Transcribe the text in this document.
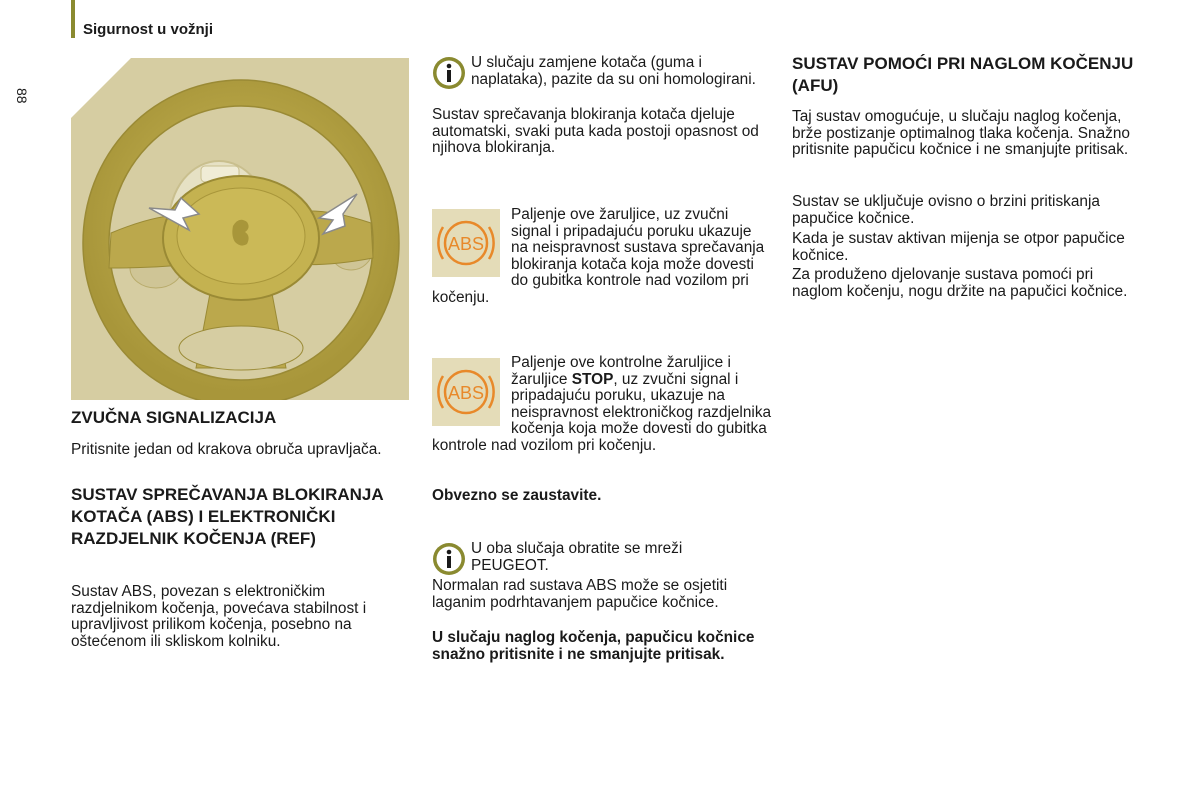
Sigurnost u vožnji
88
ZVUČNA SIGNALIZACIJA
Pritisnite jedan od krakova obruča upravljača.
SUSTAV SPREČAVANJA BLOKIRANJA KOTAČA (ABS) I ELEKTRONIČKI RAZDJELNIK KOČENJA (REF)
Sustav ABS, povezan s elektroničkim razdjelnikom kočenja, povećava stabilnost i upravljivost prilikom kočenja, posebno na oštećenom ili skliskom kolniku.
U slučaju zamjene kotača (guma i naplataka), pazite da su oni homologirani.
Sustav sprečavanja blokiranja kotača djeluje automatski, svaki puta kada postoji opasnost od njihova blokiranja.
ABS
Paljenje ove žaruljice, uz zvučni signal i pripadajuću poruku ukazuje na neispravnost sustava sprečavanja blokiranja kotača koja može dovesti do gubitka kontrole nad vozilom pri kočenju.
ABS
Paljenje ove kontrolne žaruljice i žaruljice STOP, uz zvučni signal i pripadajuću poruku, ukazuje na neispravnost elektroničkog razdjelnika kočenja koja može dovesti do gubitka kontrole nad vozilom pri kočenju.
Obvezno se zaustavite.
U oba slučaja obratite se mreži PEUGEOT.
Normalan rad sustava ABS može se osjetiti laganim podrhtavanjem papučice kočnice.
U slučaju naglog kočenja, papučicu kočnice snažno pritisnite i ne smanjujte pritisak.
SUSTAV POMOĆI PRI NAGLOM KOČENJU (AFU)
Taj sustav omogućuje, u slučaju naglog kočenja, brže postizanje optimalnog tlaka kočenja. Snažno pritisnite papučicu kočnice i ne smanjujte pritisak.
Sustav se uključuje ovisno o brzini pritiskanja papučice kočnice.
Kada je sustav aktivan mijenja se otpor papučice kočnice.
Za produženo djelovanje sustava pomoći pri naglom kočenju, nogu držite na papučici kočnice.
